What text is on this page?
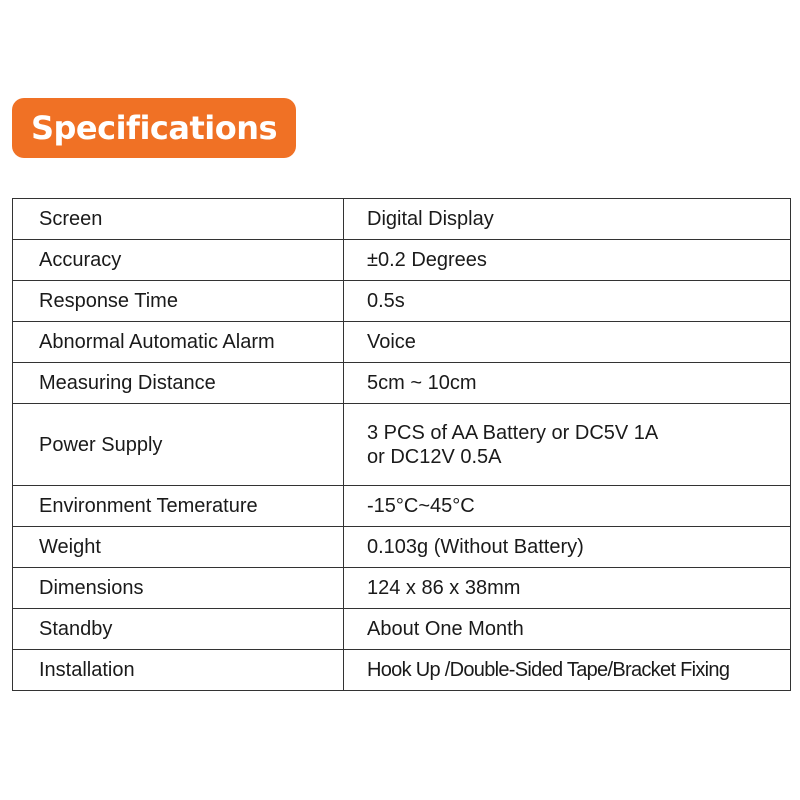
Specifications
Screen	Digital Display
Accuracy	±0.2 Degrees
Response Time	0.5s
Abnormal Automatic Alarm	Voice
Measuring Distance	5cm ~ 10cm
Power Supply	3 PCS of AA Battery or DC5V 1A
or DC12V 0.5A

Environment Temerature	-15°C~45°C
Weight	0.103g (Without Battery)
Dimensions	124 x 86 x 38mm
Standby	About One Month
Installation	Hook Up /Double-Sided Tape/Bracket Fixing
